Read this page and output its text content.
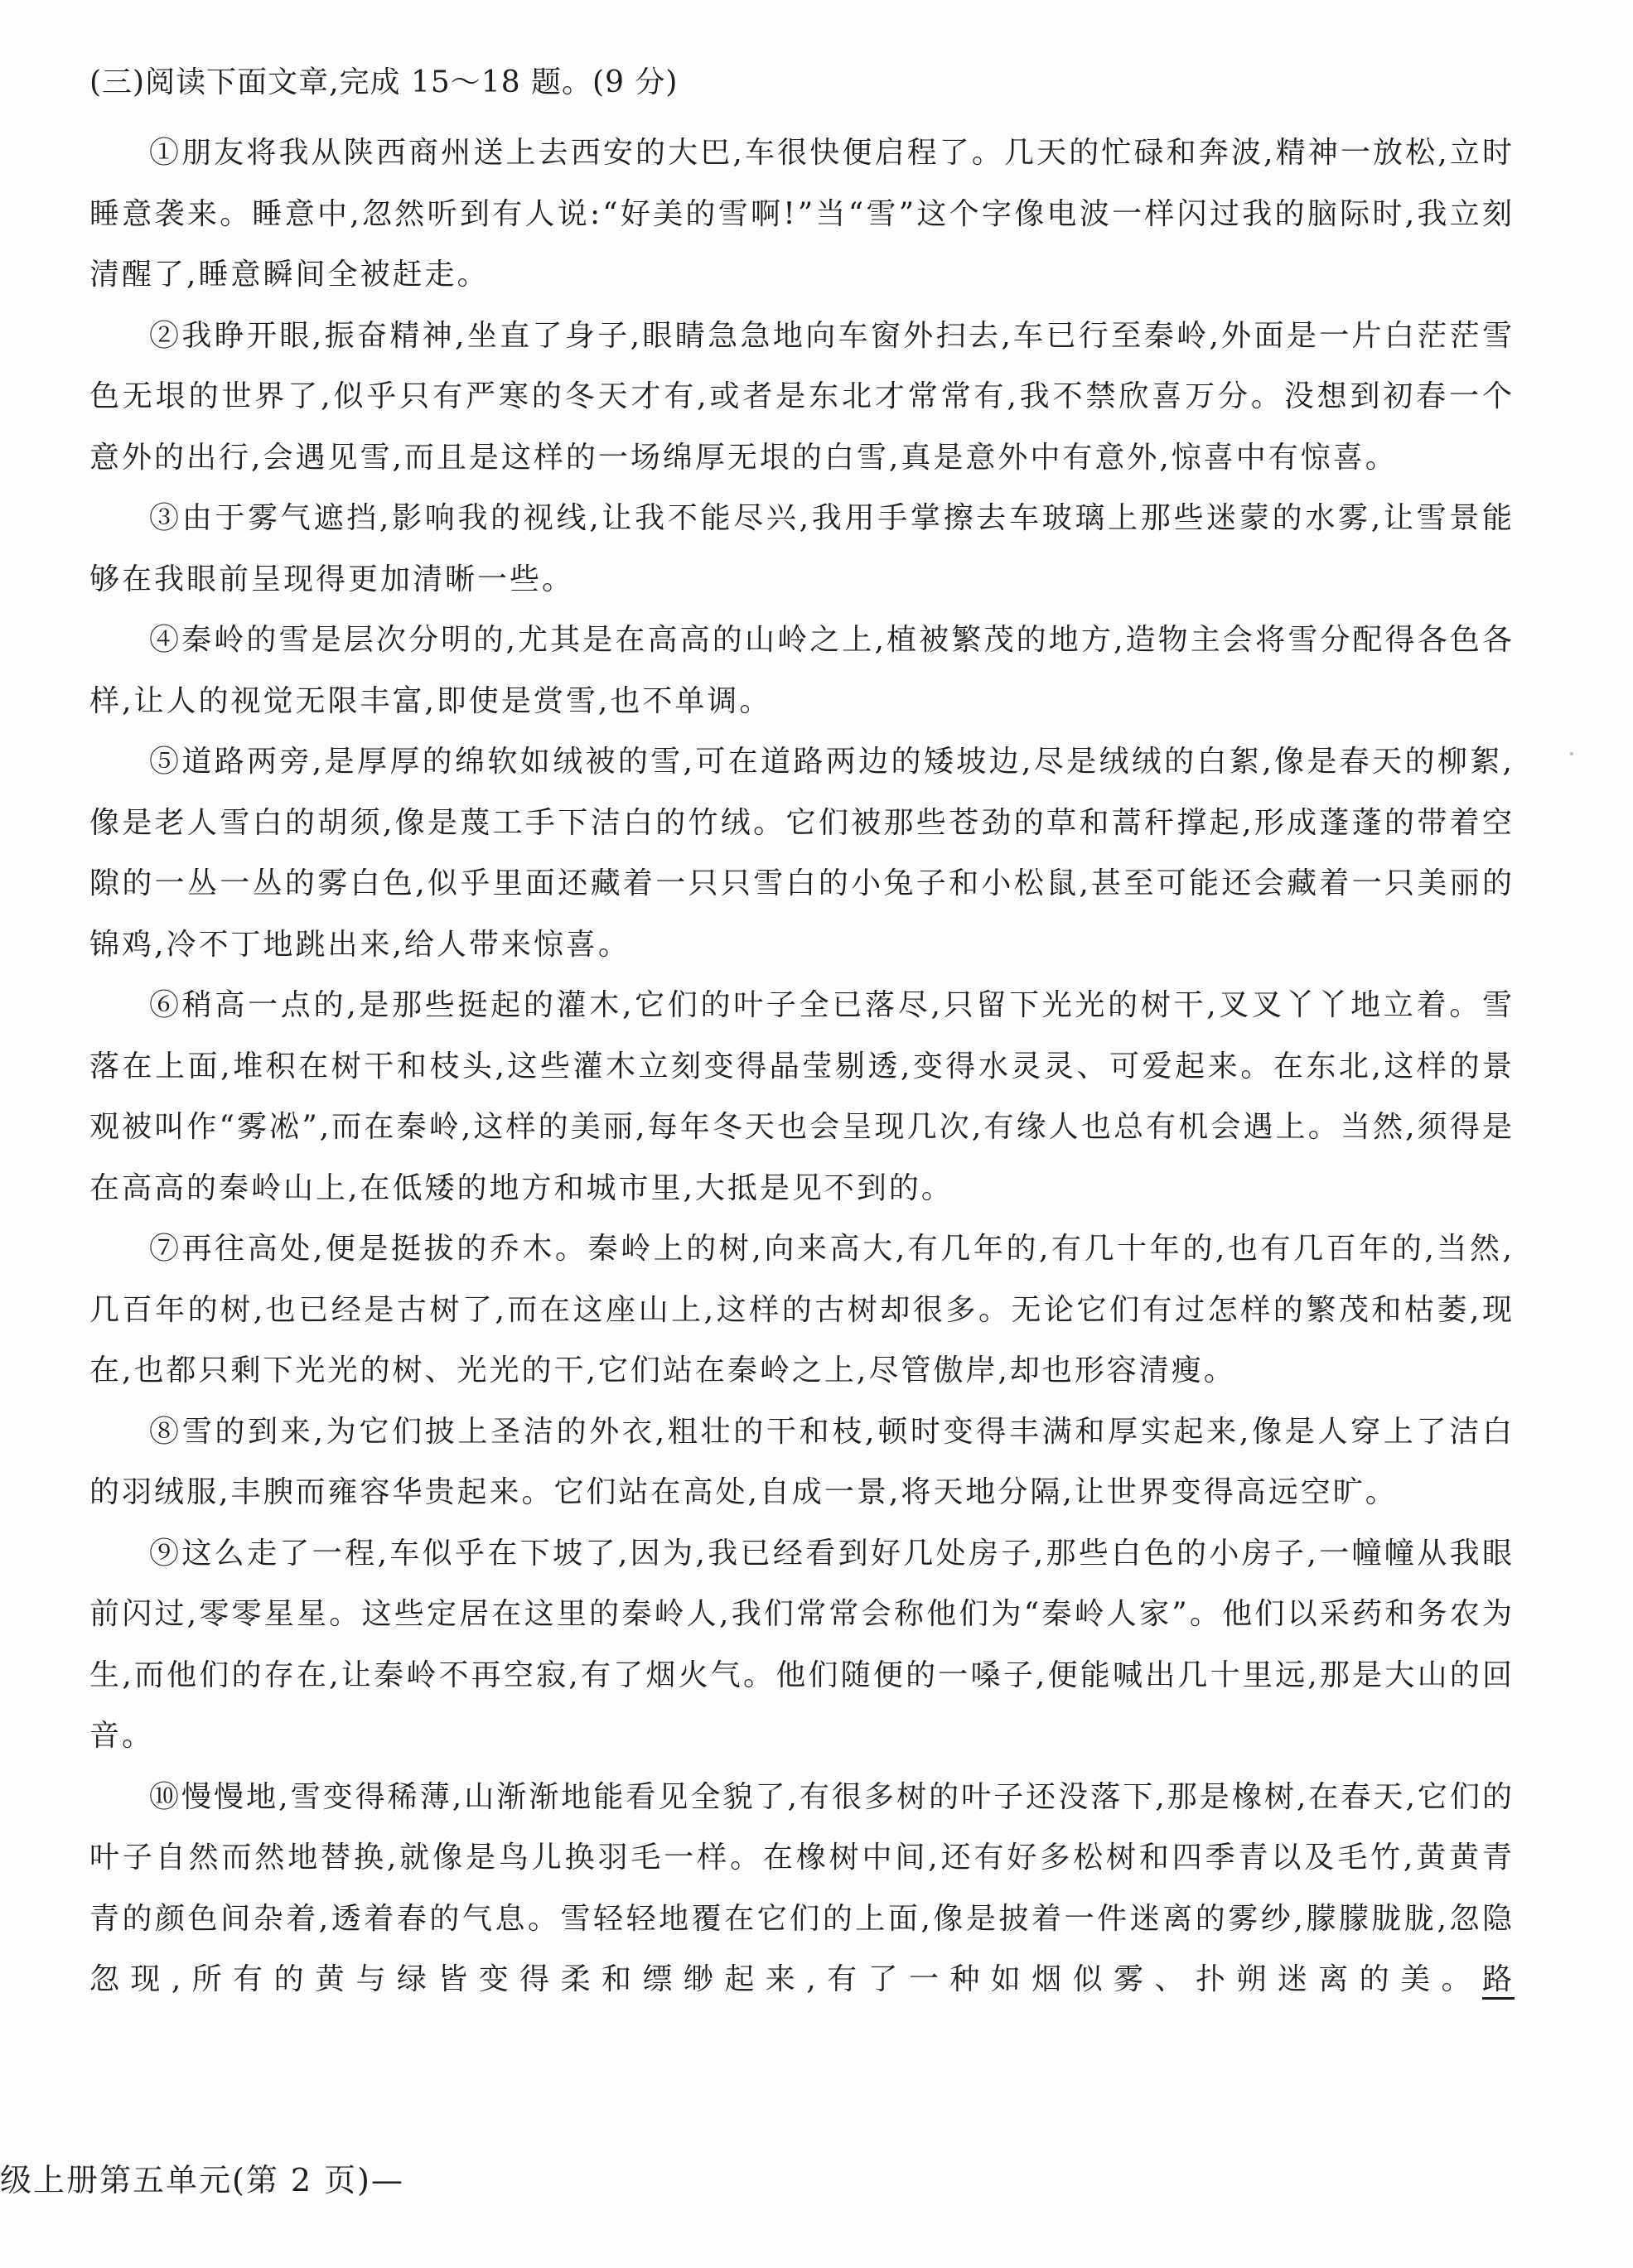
(三)阅读下面文章,完成 15～18 题。(9 分)

①朋友将我从陕西商州送上去西安的大巴,车很快便启程了。几天的忙碌和奔波,精神一放松,立时睡意袭来。睡意中,忽然听到有人说:“好美的雪啊!”当“雪”这个字像电波一样闪过我的脑际时,我立刻清醒了,睡意瞬间全被赶走。

②我睁开眼,振奋精神,坐直了身子,眼睛急急地向车窗外扫去,车已行至秦岭,外面是一片白茫茫雪色无垠的世界了,似乎只有严寒的冬天才有,或者是东北才常常有,我不禁欣喜万分。没想到初春一个意外的出行,会遇见雪,而且是这样的一场绵厚无垠的白雪,真是意外中有意外,惊喜中有惊喜。

③由于雾气遮挡,影响我的视线,让我不能尽兴,我用手掌擦去车玻璃上那些迷蒙的水雾,让雪景能够在我眼前呈现得更加清晰一些。

④秦岭的雪是层次分明的,尤其是在高高的山岭之上,植被繁茂的地方,造物主会将雪分配得各色各样,让人的视觉无限丰富,即使是赏雪,也不单调。

⑤道路两旁,是厚厚的绵软如绒被的雪,可在道路两边的矮坡边,尽是绒绒的白絮,像是春天的柳絮,像是老人雪白的胡须,像是蔑工手下洁白的竹绒。它们被那些苍劲的草和蒿秆撑起,形成蓬蓬的带着空隙的一丛一丛的雾白色,似乎里面还藏着一只只雪白的小兔子和小松鼠,甚至可能还会藏着一只美丽的锦鸡,冷不丁地跳出来,给人带来惊喜。

⑥稍高一点的,是那些挺起的灌木,它们的叶子全已落尽,只留下光光的树干,叉叉丫丫地立着。雪落在上面,堆积在树干和枝头,这些灌木立刻变得晶莹剔透,变得水灵灵、可爱起来。在东北,这样的景观被叫作“雾凇”,而在秦岭,这样的美丽,每年冬天也会呈现几次,有缘人也总有机会遇上。当然,须得是在高高的秦岭山上,在低矮的地方和城市里,大抵是见不到的。

⑦再往高处,便是挺拔的乔木。秦岭上的树,向来高大,有几年的,有几十年的,也有几百年的,当然,几百年的树,也已经是古树了,而在这座山上,这样的古树却很多。无论它们有过怎样的繁茂和枯萎,现在,也都只剩下光光的树、光光的干,它们站在秦岭之上,尽管傲岸,却也形容清瘦。

⑧雪的到来,为它们披上圣洁的外衣,粗壮的干和枝,顿时变得丰满和厚实起来,像是人穿上了洁白的羽绒服,丰腴而雍容华贵起来。它们站在高处,自成一景,将天地分隔,让世界变得高远空旷。

⑨这么走了一程,车似乎在下坡了,因为,我已经看到好几处房子,那些白色的小房子,一幢幢从我眼前闪过,零零星星。这些定居在这里的秦岭人,我们常常会称他们为“秦岭人家”。他们以采药和务农为生,而他们的存在,让秦岭不再空寂,有了烟火气。他们随便的一嗓子,便能喊出几十里远,那是大山的回音。

⑩慢慢地,雪变得稀薄,山渐渐地能看见全貌了,有很多树的叶子还没落下,那是橡树,在春天,它们的叶子自然而然地替换,就像是鸟儿换羽毛一样。在橡树中间,还有好多松树和四季青以及毛竹,黄黄青青的颜色间杂着,透着春的气息。雪轻轻地覆在它们的上面,像是披着一件迷离的雾纱,朦朦胧胧,忽隐忽现,所有的黄与绿皆变得柔和缥缈起来,有了一种如烟似雾、扑朔迷离的美。路

级上册第五单元(第 2 页)—
